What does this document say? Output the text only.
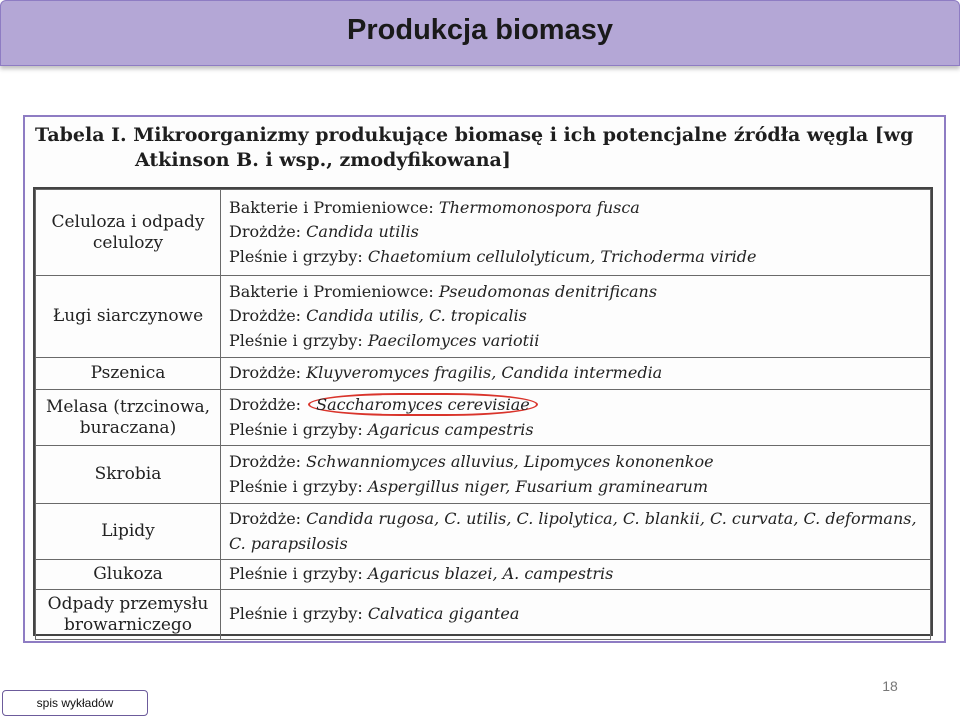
Produkcja biomasy
Tabela I. Mikroorganizmy produkujące biomasę i ich potencjalne źródła węgla [wg
Atkinson B. i wsp., zmodyfikowana]
Celuloza i odpady celulozy	Bakterie i Promieniowce: Thermomonospora fusca
Drożdże: Candida utilis
Pleśnie i grzyby: Chaetomium cellulolyticum, Trichoderma viride

Ługi siarczynowe	Bakterie i Promieniowce: Pseudomonas denitrificans
Drożdże: Candida utilis, C. tropicalis
Pleśnie i grzyby: Paecilomyces variotii

Pszenica	Drożdże: Kluyveromyces fragilis, Candida intermedia

Melasa (trzcinowa, buraczana)	Drożdże: Saccharomyces cerevisiae
Pleśnie i grzyby: Agaricus campestris

Skrobia	Drożdże: Schwanniomyces alluvius, Lipomyces kononenkoe
Pleśnie i grzyby: Aspergillus niger, Fusarium graminearum

Lipidy	Drożdże: Candida rugosa, C. utilis, C. lipolytica, C. blankii, C. curvata, C. deformans, C. parapsilosis

Glukoza	Pleśnie i grzyby: Agaricus blazei, A. campestris

Odpady przemysłu browarniczego	Pleśnie i grzyby: Calvatica gigantea
18
spis wykładów
